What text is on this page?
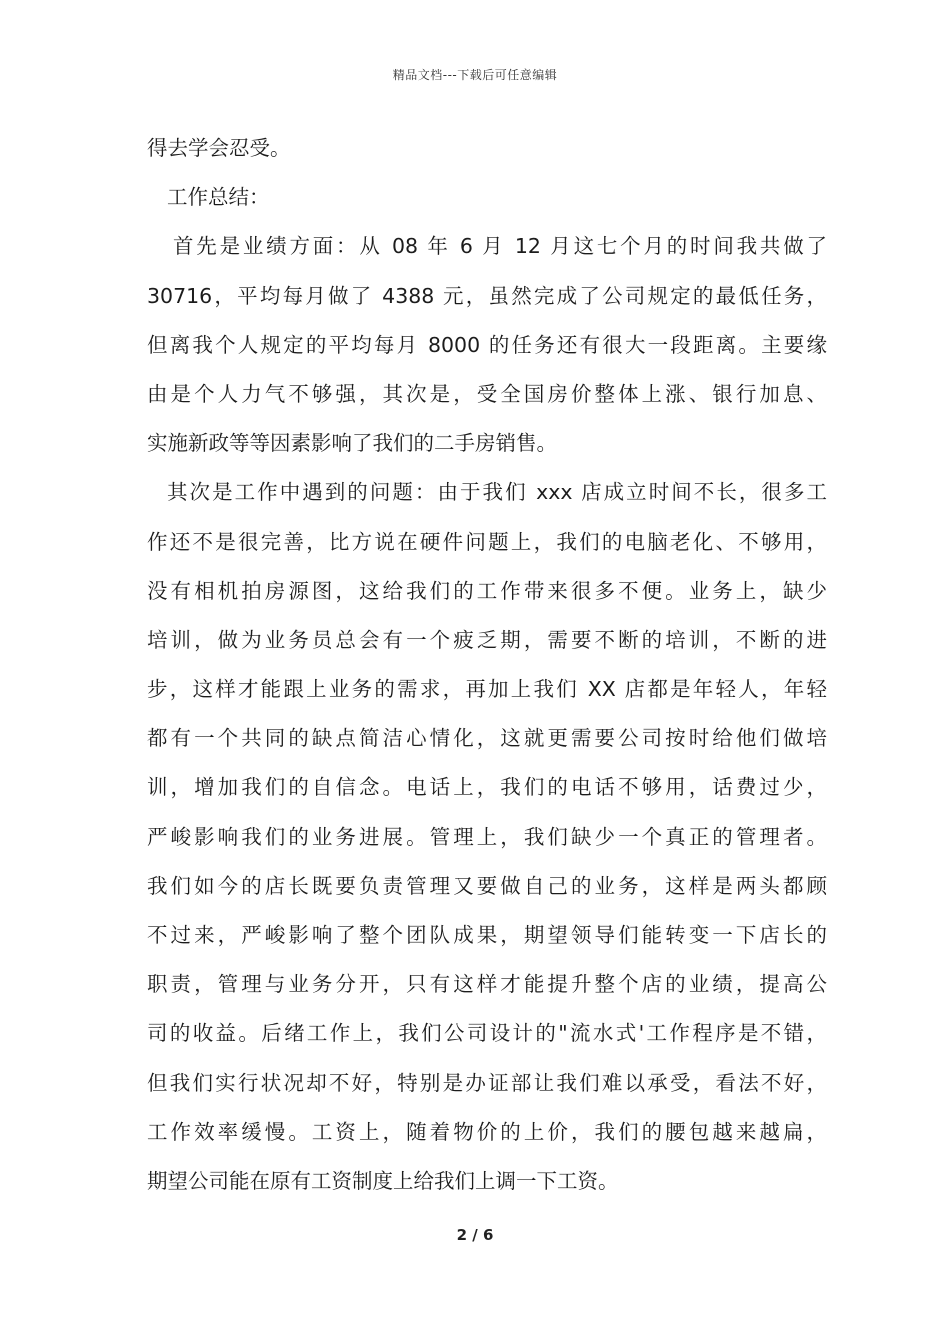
精品文档---下载后可任意编辑
得去学会忍受。
工作总结：
首先是业绩方面：从 08 年 6 月 12 月这七个月的时间我共做了
30716，平均每月做了 4388 元，虽然完成了公司规定的最低任务，
但离我个人规定的平均每月 8000 的任务还有很大一段距离。主要缘
由是个人力气不够强，其次是，受全国房价整体上涨、银行加息、
实施新政等等因素影响了我们的二手房销售。
其次是工作中遇到的问题：由于我们 xxx 店成立时间不长，很多工
作还不是很完善，比方说在硬件问题上，我们的电脑老化、不够用，
没有相机拍房源图，这给我们的工作带来很多不便。业务上，缺少
培训，做为业务员总会有一个疲乏期，需要不断的培训，不断的进
步，这样才能跟上业务的需求，再加上我们 XX 店都是年轻人，年轻
都有一个共同的缺点简洁心情化，这就更需要公司按时给他们做培
训，增加我们的自信念。电话上，我们的电话不够用，话费过少，
严峻影响我们的业务进展。管理上，我们缺少一个真正的管理者。
我们如今的店长既要负责管理又要做自己的业务，这样是两头都顾
不过来，严峻影响了整个团队成果，期望领导们能转变一下店长的
职责，管理与业务分开，只有这样才能提升整个店的业绩，提高公
司的收益。后绪工作上，我们公司设计的"流水式'工作程序是不错，
但我们实行状况却不好，特别是办证部让我们难以承受，看法不好，
工作效率缓慢。工资上，随着物价的上价，我们的腰包越来越扁，
期望公司能在原有工资制度上给我们上调一下工资。
2 / 6
